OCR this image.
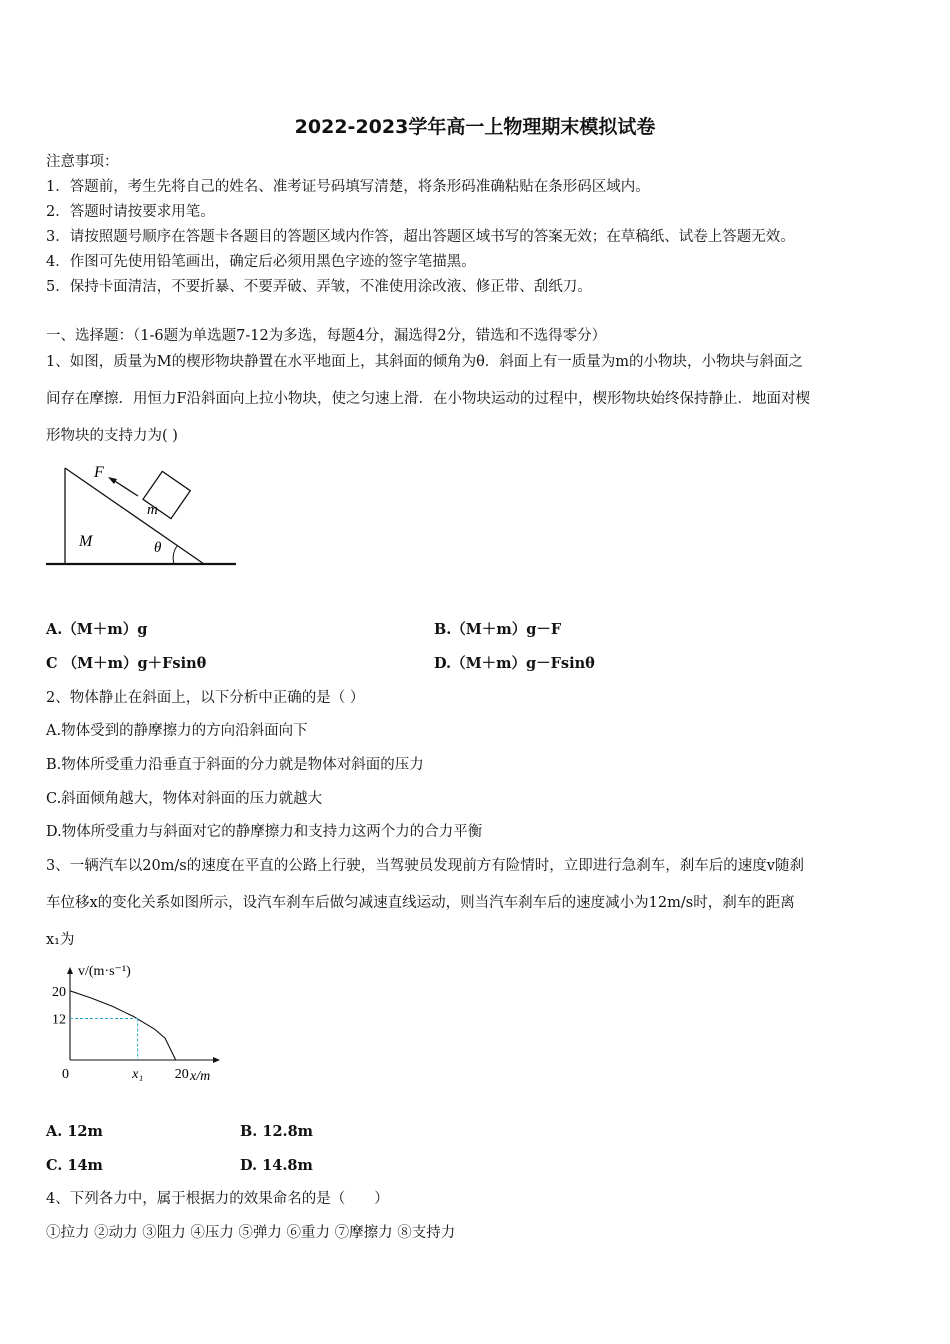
2022-2023学年高一上物理期末模拟试卷
注意事项：
1．答题前，考生先将自己的姓名、准考证号码填写清楚，将条形码准确粘贴在条形码区域内。
2．答题时请按要求用笔。
3．请按照题号顺序在答题卡各题目的答题区域内作答，超出答题区域书写的答案无效；在草稿纸、试卷上答题无效。
4．作图可先使用铅笔画出，确定后必须用黑色字迹的签字笔描黑。
5．保持卡面清洁，不要折暴、不要弄破、弄皱，不准使用涂改液、修正带、刮纸刀。
一、选择题：（1-6题为单选题7-12为多选，每题4分，漏选得2分，错选和不选得零分）
1、如图，质量为M的楔形物块静置在水平地面上，其斜面的倾角为θ．斜面上有一质量为m的小物块，小物块与斜面之
间存在摩擦．用恒力F沿斜面向上拉小物块，使之匀速上滑．在小物块运动的过程中，楔形物块始终保持静止．地面对楔
形物块的支持力为( )
F
m
M	θ
A.（M＋m）g	B.（M＋m）g－F
C （M＋m）g＋Fsinθ	D.（M＋m）g－Fsinθ
2、物体静止在斜面上，以下分析中正确的是（ ）
A.物体受到的静摩擦力的方向沿斜面向下
B.物体所受重力沿垂直于斜面的分力就是物体对斜面的压力
C.斜面倾角越大，物体对斜面的压力就越大
D.物体所受重力与斜面对它的静摩擦力和支持力这两个力的合力平衡
3、一辆汽车以20m/s的速度在平直的公路上行驶，当驾驶员发现前方有险情时，立即进行急刹车，刹车后的速度v随刹
车位移x的变化关系如图所示，设汽车刹车后做匀减速直线运动，则当汽车刹车后的速度减小为12m/s时，刹车的距离
x₁为
v/(m·s⁻¹)
20
12
0	x₁ 20 x/m
A. 12m	B. 12.8m
C. 14m	D. 14.8m
4、下列各力中，属于根据力的效果命名的是（　　）
①拉力 ②动力 ③阻力 ④压力 ⑤弹力 ⑥重力 ⑦摩擦力 ⑧支持力
